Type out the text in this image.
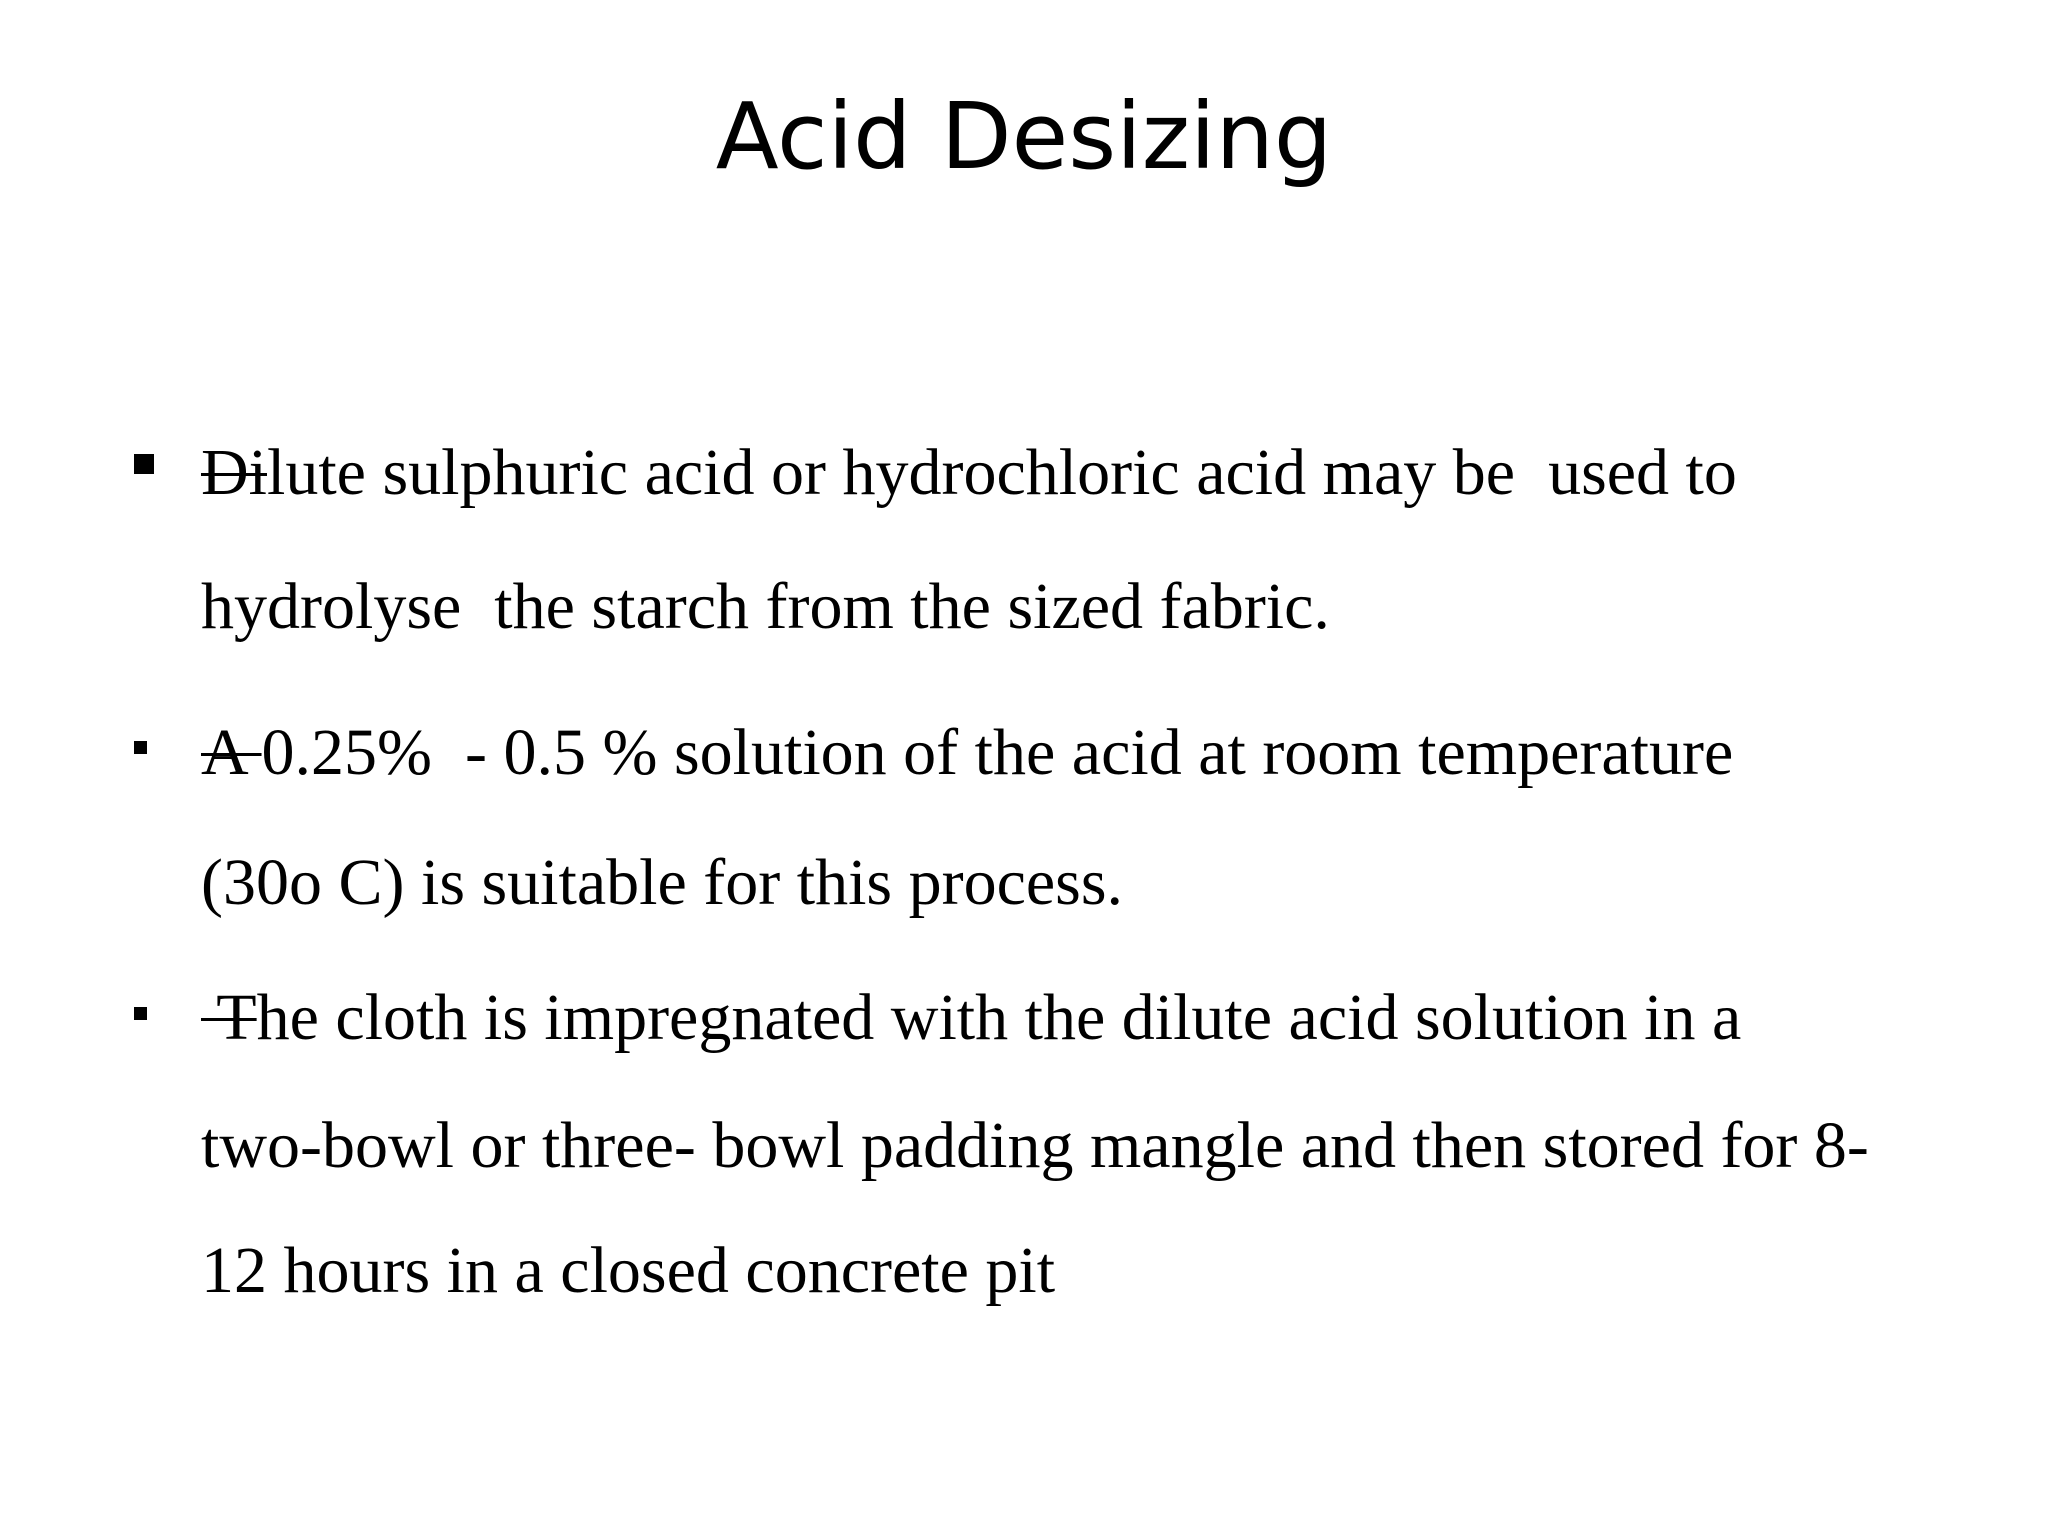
Acid Desizing
Dilute sulphuric acid or hydrochloric acid may be  used to
hydrolyse  the starch from the sized fabric.
A 0.25%  - 0.5 % solution of the acid at room temperature
(30o C) is suitable for this process.
The cloth is impregnated with the dilute acid solution in a
two-bowl or three- bowl padding mangle and then stored for 8-
12 hours in a closed concrete pit
